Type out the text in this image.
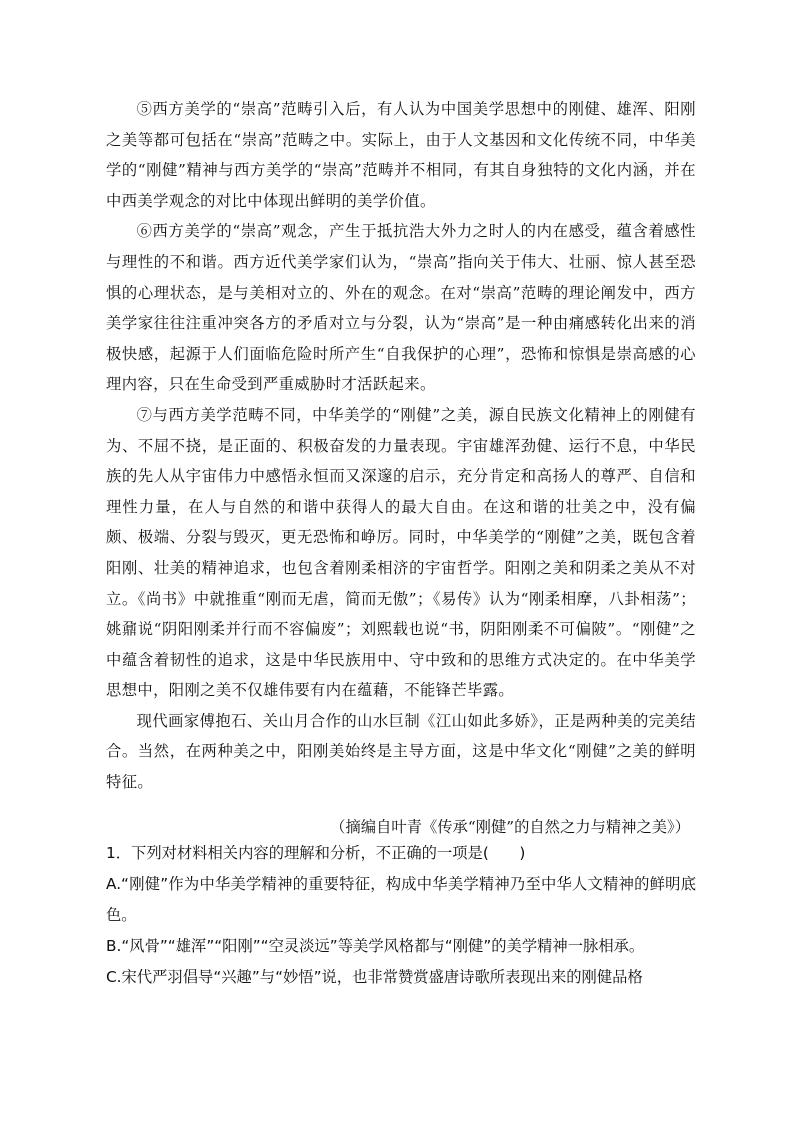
⑤西方美学的“崇高”范畴引入后，有人认为中国美学思想中的刚健、雄浑、阳刚之美等都可包括在“崇高”范畴之中。实际上，由于人文基因和文化传统不同，中华美学的“刚健”精神与西方美学的“崇高”范畴并不相同，有其自身独特的文化内涵，并在中西美学观念的对比中体现出鲜明的美学价值。

⑥西方美学的“崇高”观念，产生于抵抗浩大外力之时人的内在感受，蕴含着感性与理性的不和谐。西方近代美学家们认为，“崇高”指向关于伟大、壮丽、惊人甚至恐惧的心理状态，是与美相对立的、外在的观念。在对“崇高”范畴的理论阐发中，西方美学家往往注重冲突各方的矛盾对立与分裂，认为“崇高”是一种由痛感转化出来的消极快感，起源于人们面临危险时所产生“自我保护的心理”，恐怖和惊惧是崇高感的心理内容，只在生命受到严重威胁时才活跃起来。

⑦与西方美学范畴不同，中华美学的“刚健”之美，源自民族文化精神上的刚健有为、不屈不挠，是正面的、积极奋发的力量表现。宇宙雄浑劲健、运行不息，中华民族的先人从宇宙伟力中感悟永恒而又深邃的启示，充分肯定和高扬人的尊严、自信和理性力量，在人与自然的和谐中获得人的最大自由。在这和谐的壮美之中，没有偏颇、极端、分裂与毁灭，更无恐怖和峥厉。同时，中华美学的“刚健”之美，既包含着阳刚、壮美的精神追求，也包含着刚柔相济的宇宙哲学。阳刚之美和阴柔之美从不对立。《尚书》中就推重“刚而无虐，简而无傲”；《易传》认为“刚柔相摩，八卦相荡”；姚鼐说“阴阳刚柔并行而不容偏废”；刘熙载也说“书，阴阳刚柔不可偏陂”。“刚健”之中蕴含着韧性的追求，这是中华民族用中、守中致和的思维方式决定的。在中华美学思想中，阳刚之美不仅雄伟要有内在蕴藉，不能锋芒毕露。

现代画家傅抱石、关山月合作的山水巨制《江山如此多娇》，正是两种美的完美结合。当然，在两种美之中，阳刚美始终是主导方面，这是中华文化“刚健”之美的鲜明特征。

（摘编自叶青《传承“刚健”的自然之力与精神之美》）

1．下列对材料相关内容的理解和分析，不正确的一项是(　　)

A.“刚健”作为中华美学精神的重要特征，构成中华美学精神乃至中华人文精神的鲜明底色。

B.“风骨”“雄浑”“阳刚”“空灵淡远”等美学风格都与“刚健”的美学精神一脉相承。

C.宋代严羽倡导“兴趣”与“妙悟”说，也非常赞赏盛唐诗歌所表现出来的刚健品格
